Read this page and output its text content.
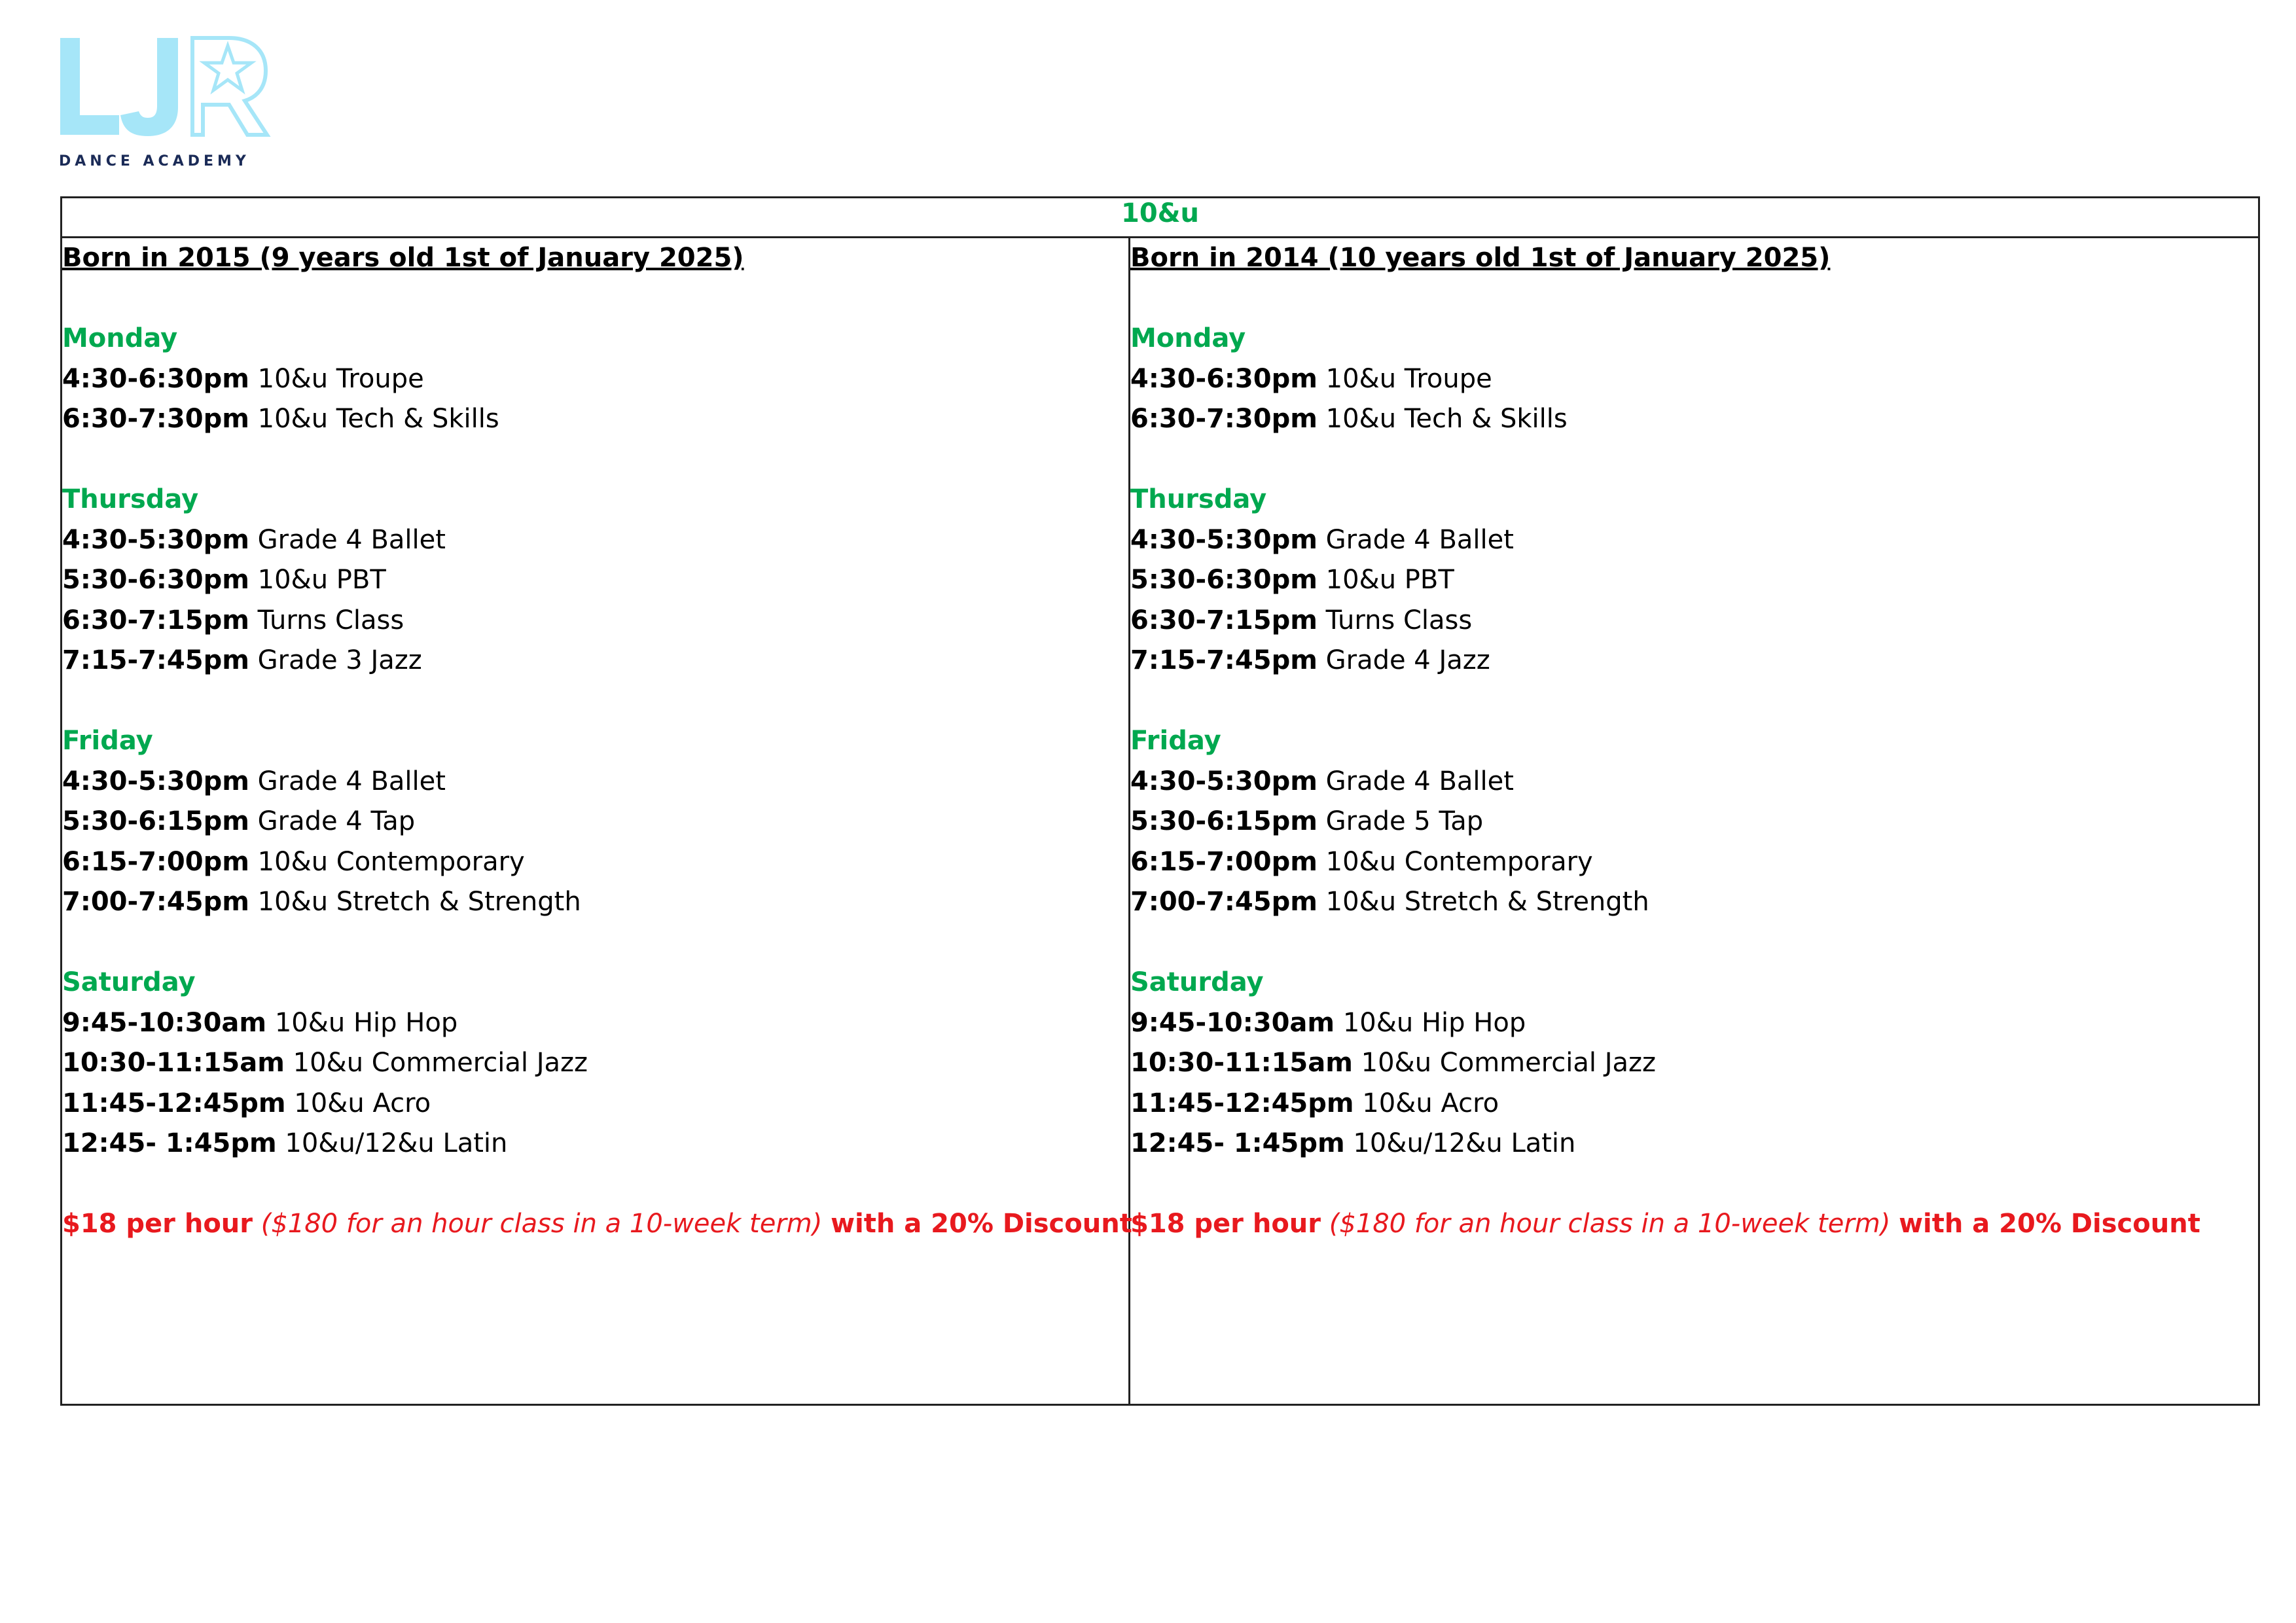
DANCE ACADEMY
10&u

Born in 2015 (9 years old 1st of January 2025)
Monday
4:30-6:30pm 10&u Troupe
6:30-7:30pm 10&u Tech & Skills
Thursday
4:30-5:30pm Grade 4 Ballet
5:30-6:30pm 10&u PBT
6:30-7:15pm Turns Class
7:15-7:45pm Grade 3 Jazz
Friday
4:30-5:30pm Grade 4 Ballet
5:30-6:15pm Grade 4 Tap
6:15-7:00pm 10&u Contemporary
7:00-7:45pm 10&u Stretch & Strength
Saturday
9:45-10:30am 10&u Hip Hop
10:30-11:15am 10&u Commercial Jazz
11:45-12:45pm 10&u Acro
12:45- 1:45pm 10&u/12&u Latin
$18 per hour ($180 for an hour class in a 10-week term) with a 20% Discount

Born in 2014 (10 years old 1st of January 2025)
Monday
4:30-6:30pm 10&u Troupe
6:30-7:30pm 10&u Tech & Skills
Thursday
4:30-5:30pm Grade 4 Ballet
5:30-6:30pm 10&u PBT
6:30-7:15pm Turns Class
7:15-7:45pm Grade 4 Jazz
Friday
4:30-5:30pm Grade 4 Ballet
5:30-6:15pm Grade 5 Tap
6:15-7:00pm 10&u Contemporary
7:00-7:45pm 10&u Stretch & Strength
Saturday
9:45-10:30am 10&u Hip Hop
10:30-11:15am 10&u Commercial Jazz
11:45-12:45pm 10&u Acro
12:45- 1:45pm 10&u/12&u Latin
$18 per hour ($180 for an hour class in a 10-week term) with a 20% Discount
